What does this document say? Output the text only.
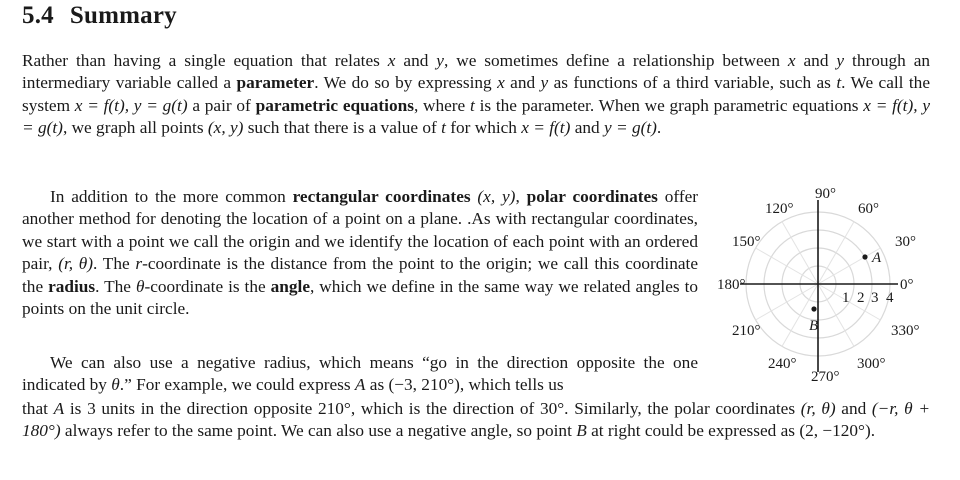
5.4 Summary

Rather than having a single equation that relates x and y, we sometimes define a relationship between x and y through an intermediary variable called a parameter. We do so by expressing x and y as functions of a third variable, such as t. We call the system x = f(t), y = g(t) a pair of parametric equations, where t is the parameter. When we graph parametric equations x = f(t), y = g(t), we graph all points (x, y) such that there is a value of t for which x = f(t) and y = g(t).

In addition to the more common rectangular coordinates (x, y), polar coordinates offer another method for denoting the location of a point on a plane. .As with rectangular coordinates, we start with a point we call the origin and we identify the location of each point with an ordered pair, (r, θ). The r-coordinate is the distance from the point to the origin; we call this coordinate the radius. The θ-coordinate is the angle, which we define in the same way we related angles to points on the unit circle.

We can also use a negative radius, which means “go in the direction opposite the one indicated by θ.” For example, we could express A as (−3, 210°), which tells us

that A is 3 units in the direction opposite 210°, which is the direction of 30°. Similarly, the polar coordinates (r, θ) and (−r, θ + 180°) always refer to the same point. We can also use a negative angle, so point B at right could be expressed as (2, −120°).

90°
60°
120°
150°	30°
180°	0°
210°	330°
240°	300°
270°
1 2 3 4
A
B
